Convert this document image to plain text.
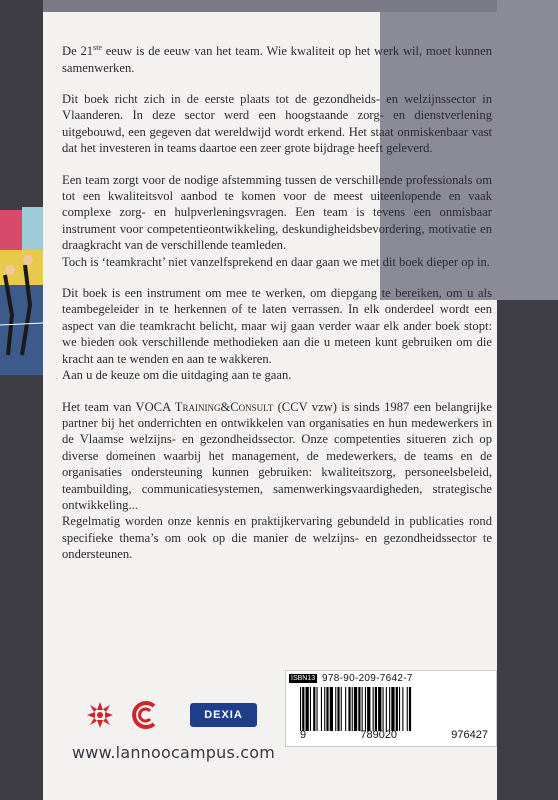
De 21ste eeuw is de eeuw van het team. Wie kwaliteit op het werk wil, moet kunnen samenwerken.

Dit boek richt zich in de eerste plaats tot de gezondheids- en welzijnssector in Vlaanderen. In deze sector werd een hoogstaande zorg- en dienstverlening uitgebouwd, een gegeven dat wereldwijd wordt erkend. Het staat onmiskenbaar vast dat het investeren in teams daartoe een zeer grote bijdrage heeft geleverd.

Een team zorgt voor de nodige afstemming tussen de verschillende professionals om tot een kwaliteitsvol aanbod te komen voor de meest uiteenlopende en vaak complexe zorg- en hulpverleningsvragen. Een team is tevens een onmisbaar instrument voor competentieontwikkeling, deskundigheidsbevordering, motivatie en draagkracht van de verschillende teamleden.

Toch is ‘teamkracht’ niet vanzelfsprekend en daar gaan we met dit boek dieper op in.

Dit boek is een instrument om mee te werken, om diepgang te bereiken, om u als teambegeleider in te herkennen of te laten verrassen. In elk onderdeel wordt een aspect van die teamkracht belicht, maar wij gaan verder waar elk ander boek stopt: we bieden ook verschillende methodieken aan die u meteen kunt gebruiken om die kracht aan te wenden en aan te wakkeren.

Aan u de keuze om die uitdaging aan te gaan.

Het team van VOCA Training&Consult (CCV vzw) is sinds 1987 een belangrijke partner bij het onderrichten en ontwikkelen van organisaties en hun medewerkers in de Vlaamse welzijns- en gezondheidssector. Onze competenties situeren zich op diverse domeinen waarbij het management, de medewerkers, de teams en de organisaties ondersteuning kunnen gebruiken: kwaliteitszorg, personeelsbeleid, teambuilding, communicatiesystemen, samenwerkingsvaardigheden, strategische ontwikkeling...

Regelmatig worden onze kennis en praktijkervaring gebundeld in publicaties rond specifieke thema’s om ook op die manier de welzijns- en gezondheidssector te ondersteunen.

ISBN13 978-90-209-7642-7
9	789020	976427
DEXIA
www.lannoocampus.com
